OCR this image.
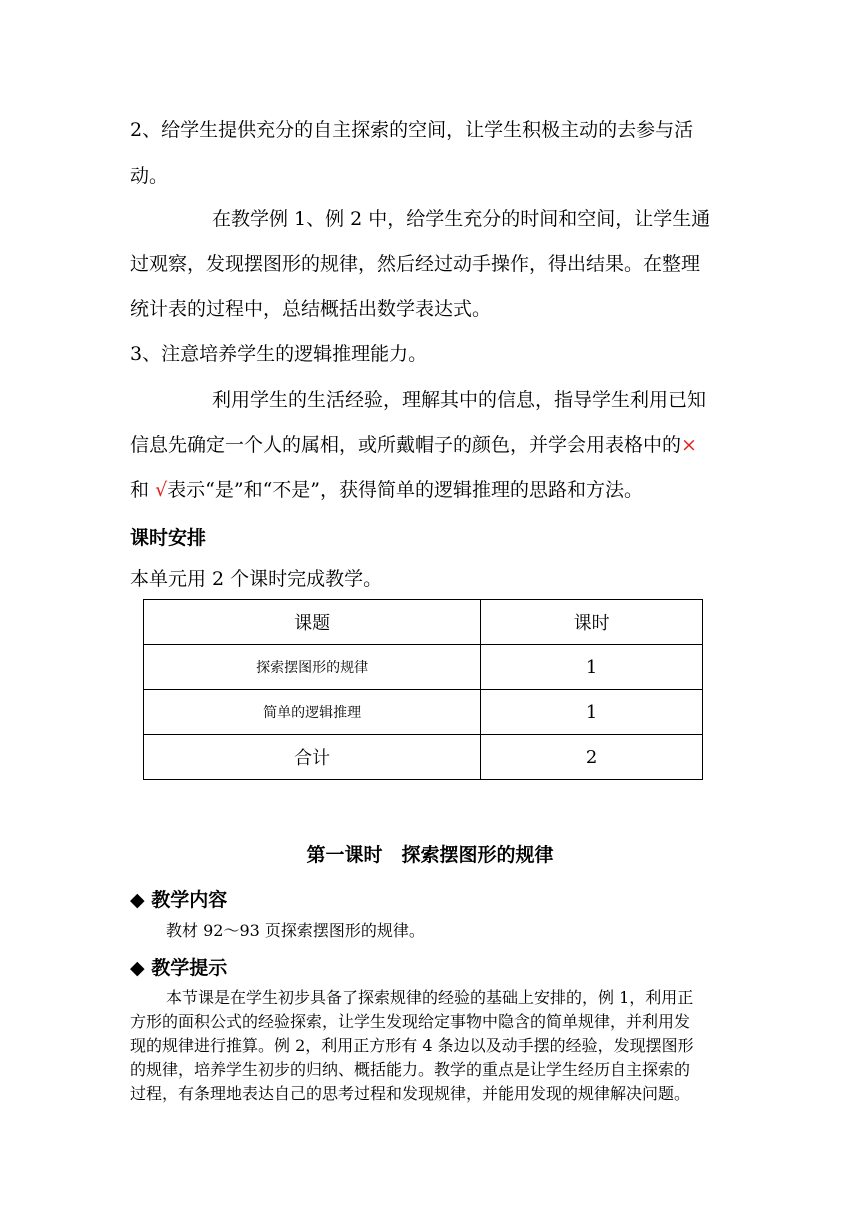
2、给学生提供充分的自主探索的空间，让学生积极主动的去参与活
动。
在教学例 1、例 2 中，给学生充分的时间和空间，让学生通
过观察，发现摆图形的规律，然后经过动手操作，得出结果。在整理
统计表的过程中，总结概括出数学表达式。
3、注意培养学生的逻辑推理能力。
利用学生的生活经验，理解其中的信息，指导学生利用已知
信息先确定一个人的属相，或所戴帽子的颜色，并学会用表格中的×
和 √表示“是”和“不是”，获得简单的逻辑推理的思路和方法。
课时安排
本单元用 2 个课时完成教学。
课题	课时
探索摆图形的规律	1
简单的逻辑推理	1
合计	2
第一课时　探索摆图形的规律
◆ 教学内容
教材 92～93 页探索摆图形的规律。
◆ 教学提示
本节课是在学生初步具备了探索规律的经验的基础上安排的，例 1，利用正
方形的面积公式的经验探索，让学生发现给定事物中隐含的简单规律，并利用发
现的规律进行推算。例 2，利用正方形有 4 条边以及动手摆的经验，发现摆图形
的规律，培养学生初步的归纳、概括能力。教学的重点是让学生经历自主探索的
过程，有条理地表达自己的思考过程和发现规律，并能用发现的规律解决问题。
